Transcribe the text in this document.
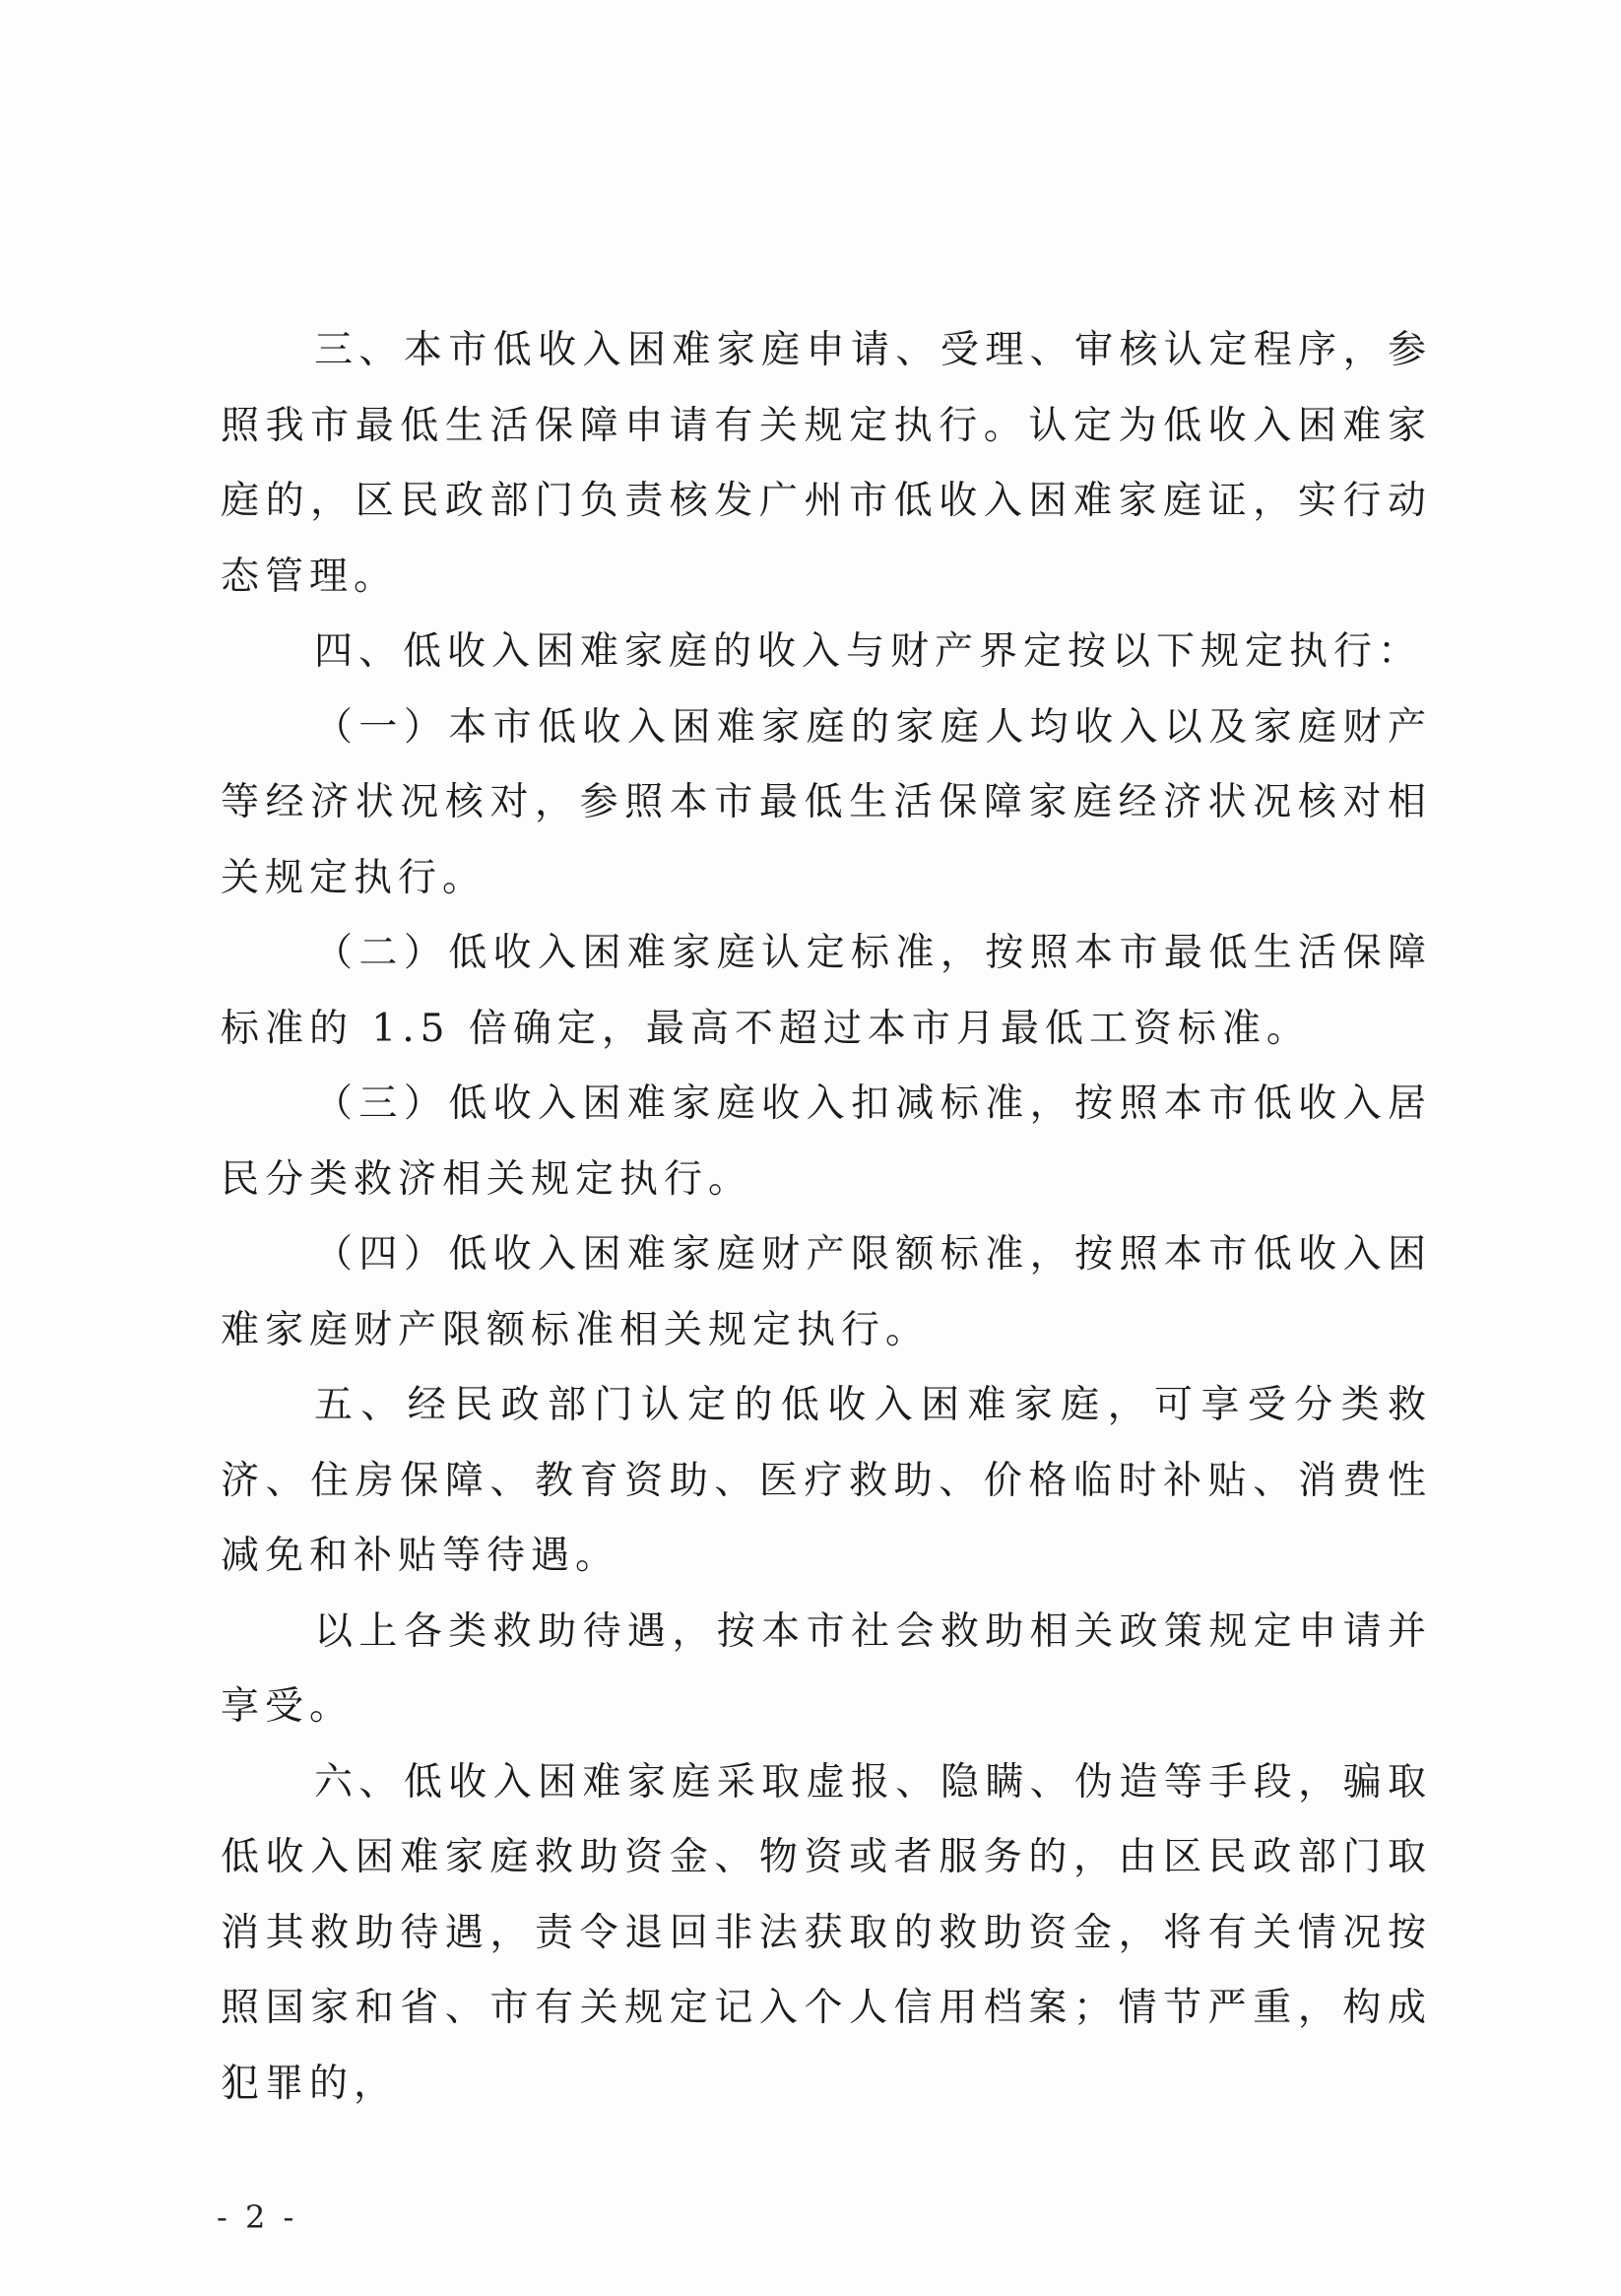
三、本市低收入困难家庭申请、受理、审核认定程序，参照我市最低生活保障申请有关规定执行。认定为低收入困难家庭的，区民政部门负责核发广州市低收入困难家庭证，实行动态管理。

四、低收入困难家庭的收入与财产界定按以下规定执行：

（一）本市低收入困难家庭的家庭人均收入以及家庭财产等经济状况核对，参照本市最低生活保障家庭经济状况核对相关规定执行。

（二）低收入困难家庭认定标准，按照本市最低生活保障标准的 1.5 倍确定，最高不超过本市月最低工资标准。

（三）低收入困难家庭收入扣减标准，按照本市低收入居民分类救济相关规定执行。

（四）低收入困难家庭财产限额标准，按照本市低收入困难家庭财产限额标准相关规定执行。

五、经民政部门认定的低收入困难家庭，可享受分类救济、住房保障、教育资助、医疗救助、价格临时补贴、消费性减免和补贴等待遇。

以上各类救助待遇，按本市社会救助相关政策规定申请并享受。

六、低收入困难家庭采取虚报、隐瞒、伪造等手段，骗取低收入困难家庭救助资金、物资或者服务的，由区民政部门取消其救助待遇，责令退回非法获取的救助资金，将有关情况按照国家和省、市有关规定记入个人信用档案；情节严重，构成犯罪的，

- 2 -
